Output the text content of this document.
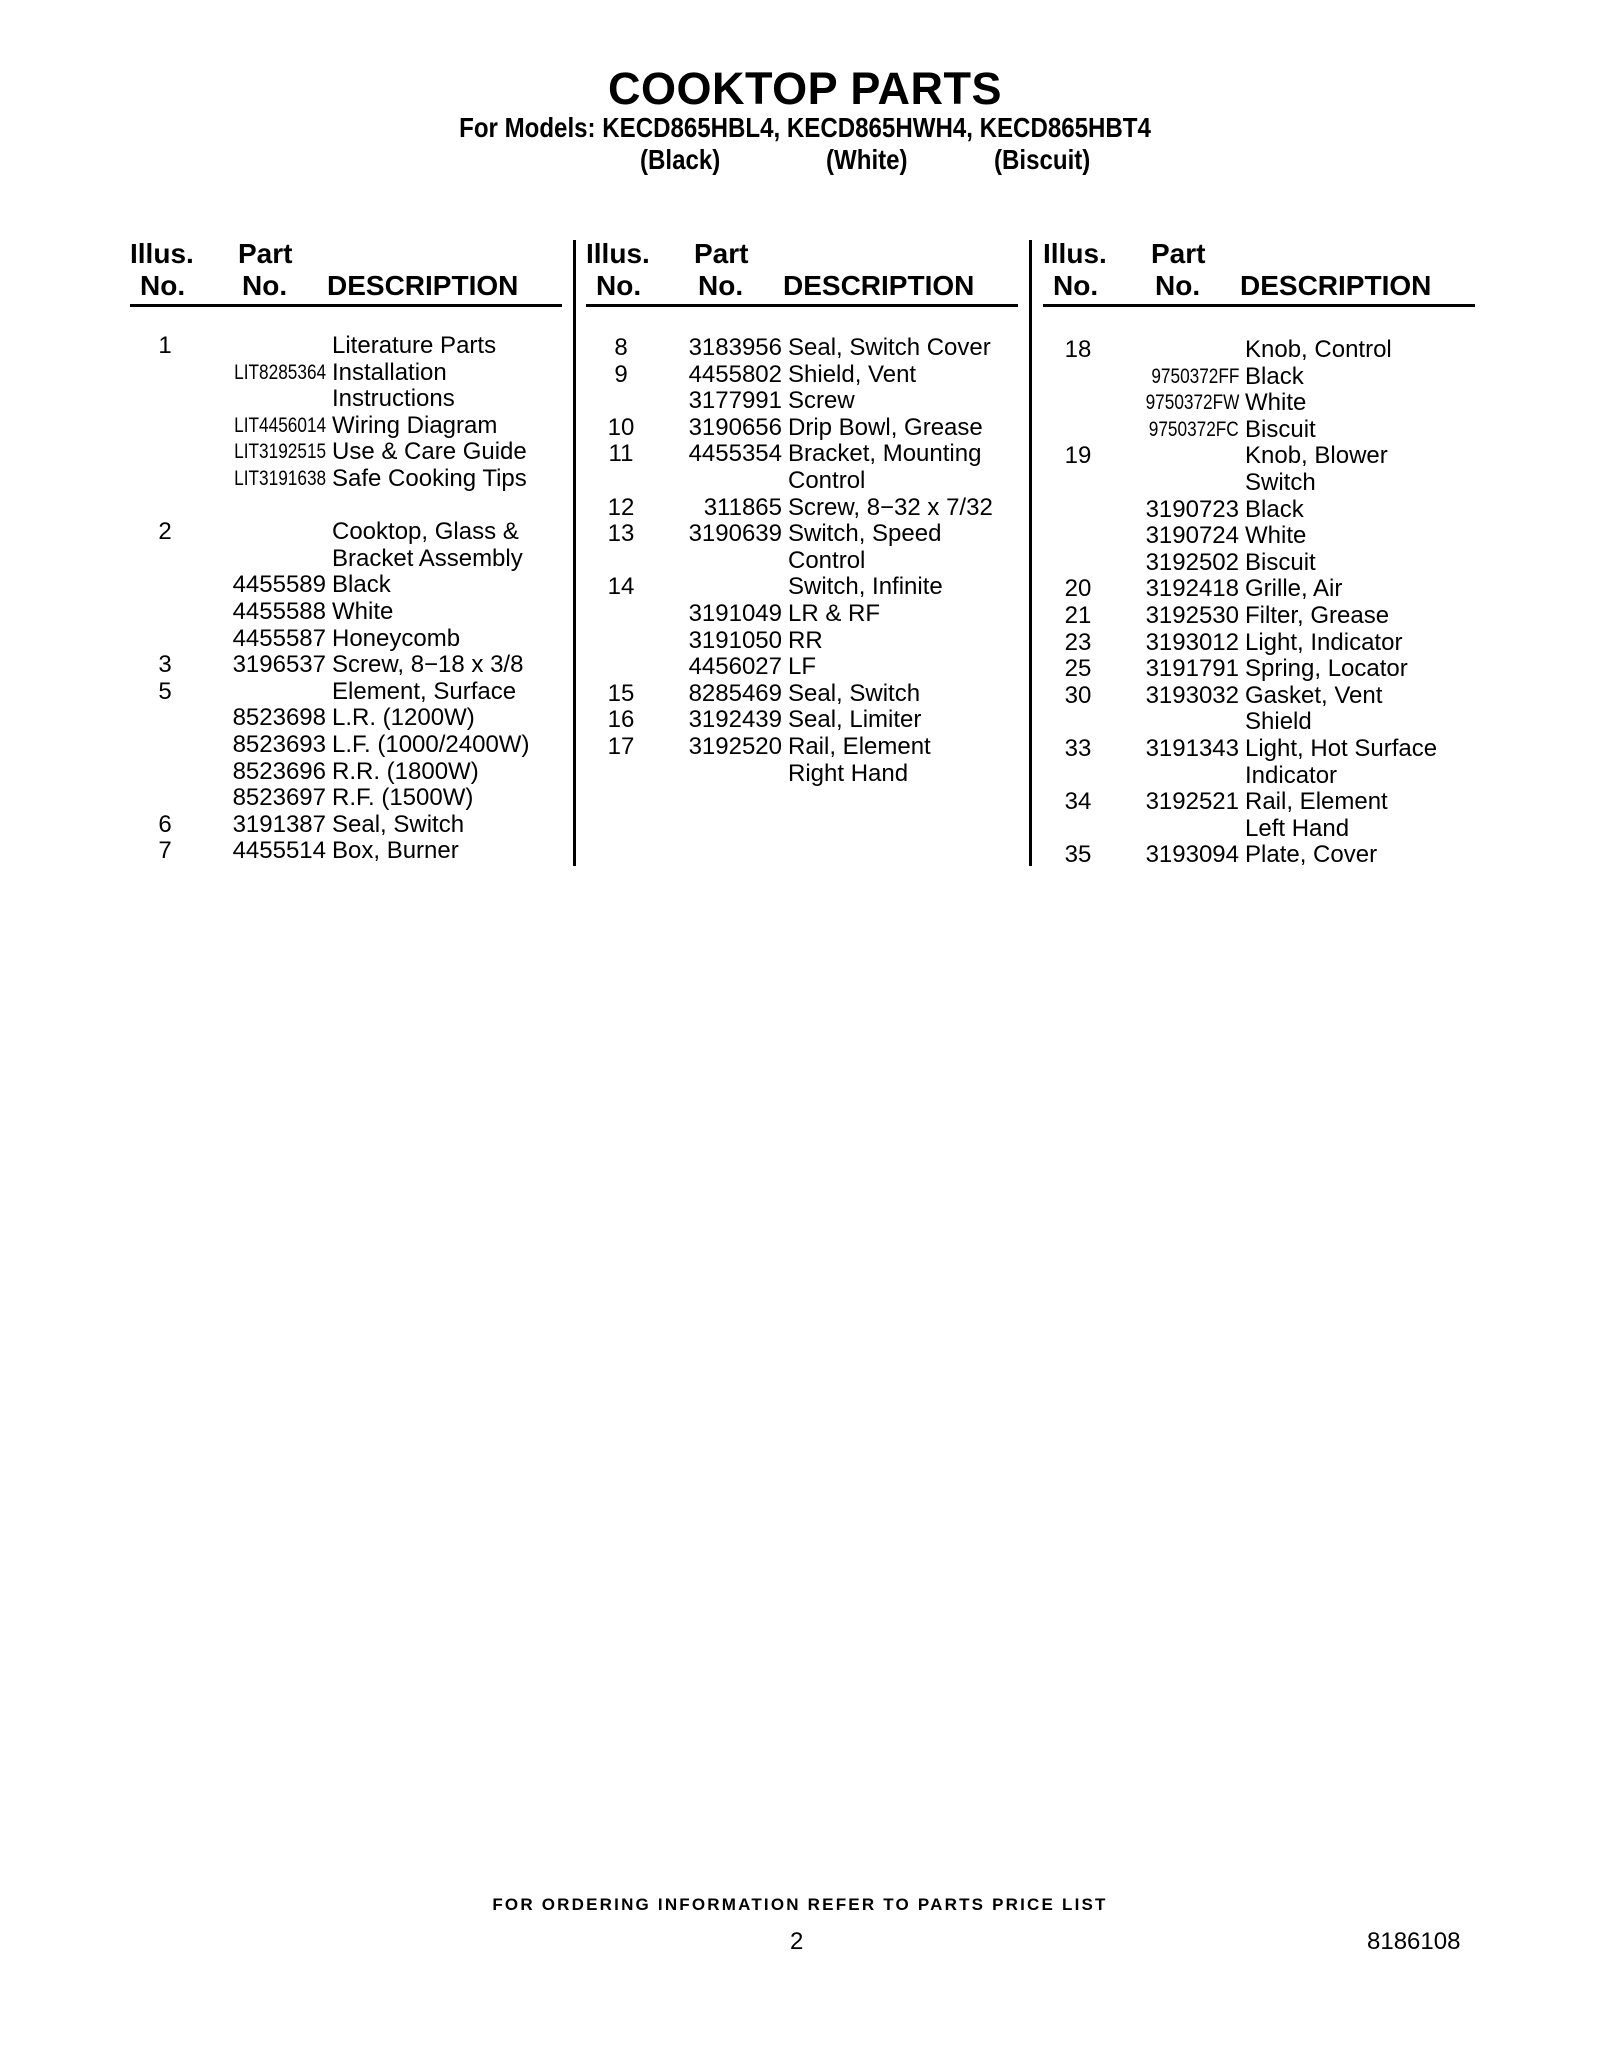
COOKTOP PARTS
For Models: KECD865HBL4, KECD865HWH4, KECD865HBT4
(Black)	(White)	(Biscuit)
Illus.
No.
Part
No. DESCRIPTION
1	Literature Parts
LIT8285364 Installation
Instructions
LIT4456014 Wiring Diagram
LIT3192515 Use & Care Guide
LIT3191638 Safe Cooking Tips
2	Cooktop, Glass &
Bracket Assembly
4455589 Black
4455588 White
4455587 Honeycomb
3	3196537 Screw, 8−18 x 3/8
5	Element, Surface
8523698 L.R. (1200W)
8523693 L.F. (1000/2400W)
8523696 R.R. (1800W)
8523697 R.F. (1500W)
6	3191387 Seal, Switch
7	4455514 Box, Burner
Illus.
No.
Part
No. DESCRIPTION
8	3183956 Seal, Switch Cover
9	4455802 Shield, Vent
3177991 Screw
10	3190656 Drip Bowl, Grease
11	4455354 Bracket, Mounting
Control
12	311865 Screw, 8−32 x 7/32
13	3190639 Switch, Speed
Control
14	Switch, Infinite
3191049 LR & RF
3191050 RR
4456027 LF
15	8285469 Seal, Switch
16	3192439 Seal, Limiter
17	3192520 Rail, Element
Right Hand
Illus.
No.
Part
No. DESCRIPTION
18	Knob, Control
9750372FF Black
9750372FW White
9750372FC Biscuit
19	Knob, Blower
Switch
3190723 Black
3190724 White
3192502 Biscuit
20	3192418 Grille, Air
21	3192530 Filter, Grease
23	3193012 Light, Indicator
25	3191791 Spring, Locator
30	3193032 Gasket, Vent
Shield
33	3191343 Light, Hot Surface
Indicator
34	3192521 Rail, Element
Left Hand
35	3193094 Plate, Cover
FOR ORDERING INFORMATION REFER TO PARTS PRICE LIST
2	8186108
